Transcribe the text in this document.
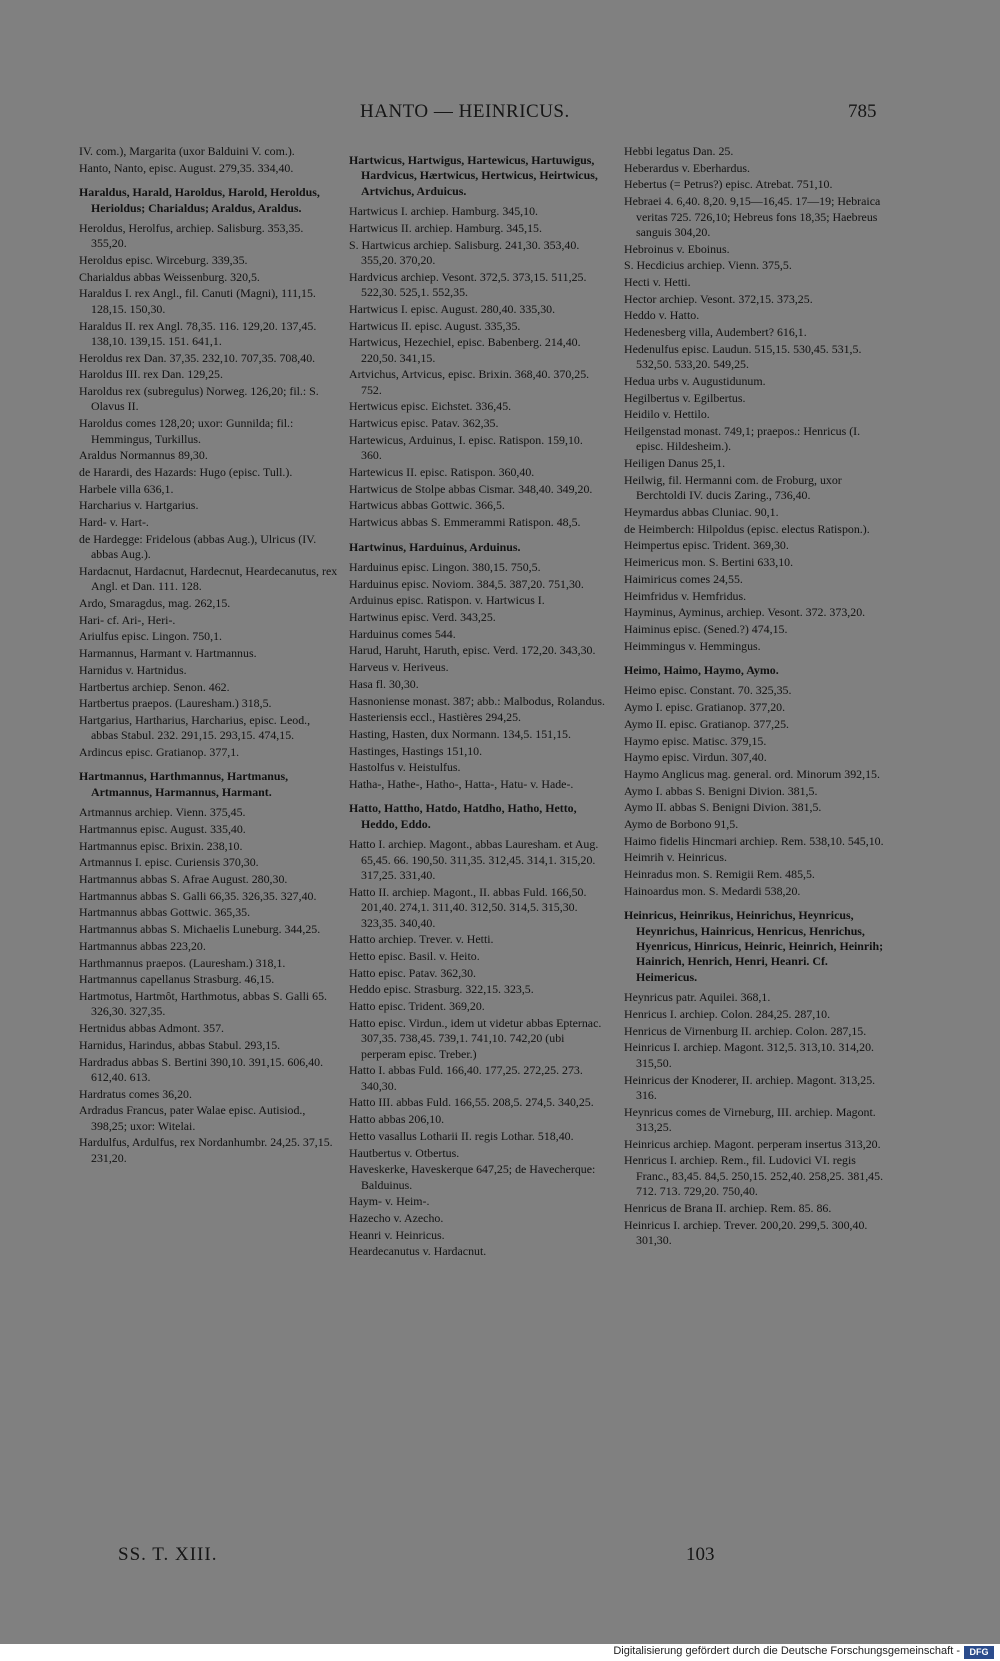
HANTO — HEINRICUS.	785
IV. com.), Margarita (uxor Balduini V. com.).
Hanto, Nanto, episc. August. 279,35. 334,40.
Haraldus, Harald, Haroldus, Harold, Heroldus, Herioldus; Charialdus; Araldus, Araldus.
Heroldus, Herolfus, archiep. Salisburg. 353,35. 355,20.
Heroldus episc. Wirceburg. 339,35.
Charialdus abbas Weissenburg. 320,5.
Haraldus I. rex Angl., fil. Canuti (Magni), 111,15. 128,15. 150,30.
Haraldus II. rex Angl. 78,35. 116. 129,20. 137,45. 138,10. 139,15. 151. 641,1.
Heroldus rex Dan. 37,35. 232,10. 707,35. 708,40.
Haroldus III. rex Dan. 129,25.
Haroldus rex (subregulus) Norweg. 126,20; fil.: S. Olavus II.
Haroldus comes 128,20; uxor: Gunnilda; fil.: Hemmingus, Turkillus.
Araldus Normannus 89,30.
de Harardi, des Hazards: Hugo (episc. Tull.).
Harbele villa 636,1.
Harcharius v. Hartgarius.
Hard- v. Hart-.
de Hardegge: Fridelous (abbas Aug.), Ulricus (IV. abbas Aug.).
Hardacnut, Hardacnut, Hardecnut, Heardecanutus, rex Angl. et Dan. 111. 128.
Ardo, Smaragdus, mag. 262,15.
Hari- cf. Ari-, Heri-.
Ariulfus episc. Lingon. 750,1.
Harmannus, Harmant v. Hartmannus.
Harnidus v. Hartnidus.
Hartbertus archiep. Senon. 462.
Hartbertus praepos. (Lauresham.) 318,5.
Hartgarius, Hartharius, Harcharius, episc. Leod., abbas Stabul. 232. 291,15. 293,15. 474,15.
Ardincus episc. Gratianop. 377,1.
Hartmannus, Harthmannus, Hartmanus, Artmannus, Harmannus, Harmant.
Artmannus archiep. Vienn. 375,45.
Hartmannus episc. August. 335,40.
Hartmannus episc. Brixin. 238,10.
Artmannus I. episc. Curiensis 370,30.
Hartmannus abbas S. Afrae August. 280,30.
Hartmannus abbas S. Galli 66,35. 326,35. 327,40.
Hartmannus abbas Gottwic. 365,35.
Hartmannus abbas S. Michaelis Luneburg. 344,25.
Hartmannus abbas 223,20.
Harthmannus praepos. (Lauresham.) 318,1.
Hartmannus capellanus Strasburg. 46,15.
Hartmotus, Hartmôt, Harthmotus, abbas S. Galli 65. 326,30. 327,35.
Hertnidus abbas Admont. 357.
Harnidus, Harindus, abbas Stabul. 293,15.
Hardradus abbas S. Bertini 390,10. 391,15. 606,40. 612,40. 613.
Hardratus comes 36,20.
Ardradus Francus, pater Walae episc. Autisiod., 398,25; uxor: Witelai.
Hardulfus, Ardulfus, rex Nordanhumbr. 24,25. 37,15. 231,20.
Hartwicus, Hartwigus, Hartewicus, Hartuwigus, Hardvicus, Hærtwicus, Hertwicus, Heirtwicus, Artvichus, Arduicus.
Hartwicus I. archiep. Hamburg. 345,10.
Hartwicus II. archiep. Hamburg. 345,15.
S. Hartwicus archiep. Salisburg. 241,30. 353,40. 355,20. 370,20.
Hardvicus archiep. Vesont. 372,5. 373,15. 511,25. 522,30. 525,1. 552,35.
Hartwicus I. episc. August. 280,40. 335,30.
Hartwicus II. episc. August. 335,35.
Hartwicus, Hezechiel, episc. Babenberg. 214,40. 220,50. 341,15.
Artvichus, Artvicus, episc. Brixin. 368,40. 370,25. 752.
Hertwicus episc. Eichstet. 336,45.
Hartwicus episc. Patav. 362,35.
Hartewicus, Arduinus, I. episc. Ratispon. 159,10. 360.
Hartewicus II. episc. Ratispon. 360,40.
Hartwicus de Stolpe abbas Cismar. 348,40. 349,20.
Hartwicus abbas Gottwic. 366,5.
Hartwicus abbas S. Emmerammi Ratispon. 48,5.
Hartwinus, Harduinus, Arduinus.
Harduinus episc. Lingon. 380,15. 750,5.
Harduinus episc. Noviom. 384,5. 387,20. 751,30.
Arduinus episc. Ratispon. v. Hartwicus I.
Hartwinus episc. Verd. 343,25.
Harduinus comes 544.
Harud, Haruht, Haruth, episc. Verd. 172,20. 343,30.
Harveus v. Heriveus.
Hasa fl. 30,30.
Hasnoniense monast. 387; abb.: Malbodus, Rolandus.
Hasteriensis eccl., Hastières 294,25.
Hasting, Hasten, dux Normann. 134,5. 151,15.
Hastinges, Hastings 151,10.
Hastolfus v. Heistulfus.
Hatha-, Hathe-, Hatho-, Hatta-, Hatu- v. Hade-.
Hatto, Hattho, Hatdo, Hatdho, Hatho, Hetto, Heddo, Eddo.
Hatto I. archiep. Magont., abbas Lauresham. et Aug. 65,45. 66. 190,50. 311,35. 312,45. 314,1. 315,20. 317,25. 331,40.
Hatto II. archiep. Magont., II. abbas Fuld. 166,50. 201,40. 274,1. 311,40. 312,50. 314,5. 315,30. 323,35. 340,40.
Hatto archiep. Trever. v. Hetti.
Hetto episc. Basil. v. Heito.
Hatto episc. Patav. 362,30.
Heddo episc. Strasburg. 322,15. 323,5.
Hatto episc. Trident. 369,20.
Hatto episc. Virdun., idem ut videtur abbas Epternac. 307,35. 738,45. 739,1. 741,10. 742,20 (ubi perperam episc. Treber.)
Hatto I. abbas Fuld. 166,40. 177,25. 272,25. 273. 340,30.
Hatto III. abbas Fuld. 166,55. 208,5. 274,5. 340,25.
Hatto abbas 206,10.
Hetto vasallus Lotharii II. regis Lothar. 518,40.
Hautbertus v. Otbertus.
Haveskerke, Haveskerque 647,25; de Havecherque: Balduinus.
Haym- v. Heim-.
Hazecho v. Azecho.
Heanri v. Heinricus.
Heardecanutus v. Hardacnut.
Hebbi legatus Dan. 25.
Heberardus v. Eberhardus.
Hebertus (= Petrus?) episc. Atrebat. 751,10.
Hebraei 4. 6,40. 8,20. 9,15—16,45. 17—19; Hebraica veritas 725. 726,10; Hebreus fons 18,35; Haebreus sanguis 304,20.
Hebroinus v. Eboinus.
S. Hecdicius archiep. Vienn. 375,5.
Hecti v. Hetti.
Hector archiep. Vesont. 372,15. 373,25.
Heddo v. Hatto.
Hedenesberg villa, Audembert? 616,1.
Hedenulfus episc. Laudun. 515,15. 530,45. 531,5. 532,50. 533,20. 549,25.
Hedua urbs v. Augustidunum.
Hegilbertus v. Egilbertus.
Heidilo v. Hettilo.
Heilgenstad monast. 749,1; praepos.: Henricus (I. episc. Hildesheim.).
Heiligen Danus 25,1.
Heilwig, fil. Hermanni com. de Froburg, uxor Berchtoldi IV. ducis Zaring., 736,40.
Heymardus abbas Cluniac. 90,1.
de Heimberch: Hilpoldus (episc. electus Ratispon.).
Heimpertus episc. Trident. 369,30.
Heimericus mon. S. Bertini 633,10.
Haimiricus comes 24,55.
Heimfridus v. Hemfridus.
Hayminus, Ayminus, archiep. Vesont. 372. 373,20.
Haiminus episc. (Sened.?) 474,15.
Heimmingus v. Hemmingus.
Heimo, Haimo, Haymo, Aymo.
Heimo episc. Constant. 70. 325,35.
Aymo I. episc. Gratianop. 377,20.
Aymo II. episc. Gratianop. 377,25.
Haymo episc. Matisc. 379,15.
Haymo episc. Virdun. 307,40.
Haymo Anglicus mag. general. ord. Minorum 392,15.
Aymo I. abbas S. Benigni Divion. 381,5.
Aymo II. abbas S. Benigni Divion. 381,5.
Aymo de Borbono 91,5.
Haimo fidelis Hincmari archiep. Rem. 538,10. 545,10.
Heimrih v. Heinricus.
Heinradus mon. S. Remigii Rem. 485,5.
Hainoardus mon. S. Medardi 538,20.
Heinricus, Heinrikus, Heinrichus, Heynricus, Heynrichus, Hainricus, Henricus, Henrichus, Hyenricus, Hinricus, Heinric, Heinrich, Heinrih; Hainrich, Henrich, Henri, Heanri. Cf. Heimericus.
Heynricus patr. Aquilei. 368,1.
Henricus I. archiep. Colon. 284,25. 287,10.
Henricus de Virnenburg II. archiep. Colon. 287,15.
Heinricus I. archiep. Magont. 312,5. 313,10. 314,20. 315,50.
Heinricus der Knoderer, II. archiep. Magont. 313,25. 316.
Heynricus comes de Virneburg, III. archiep. Magont. 313,25.
Heinricus archiep. Magont. perperam insertus 313,20.
Henricus I. archiep. Rem., fil. Ludovici VI. regis Franc., 83,45. 84,5. 250,15. 252,40. 258,25. 381,45. 712. 713. 729,20. 750,40.
Henricus de Brana II. archiep. Rem. 85. 86.
Heinricus I. archiep. Trever. 200,20. 299,5. 300,40. 301,30.
SS. T. XIII.	103
Digitalisierung gefördert durch die Deutsche Forschungsgemeinschaft -	DFG
